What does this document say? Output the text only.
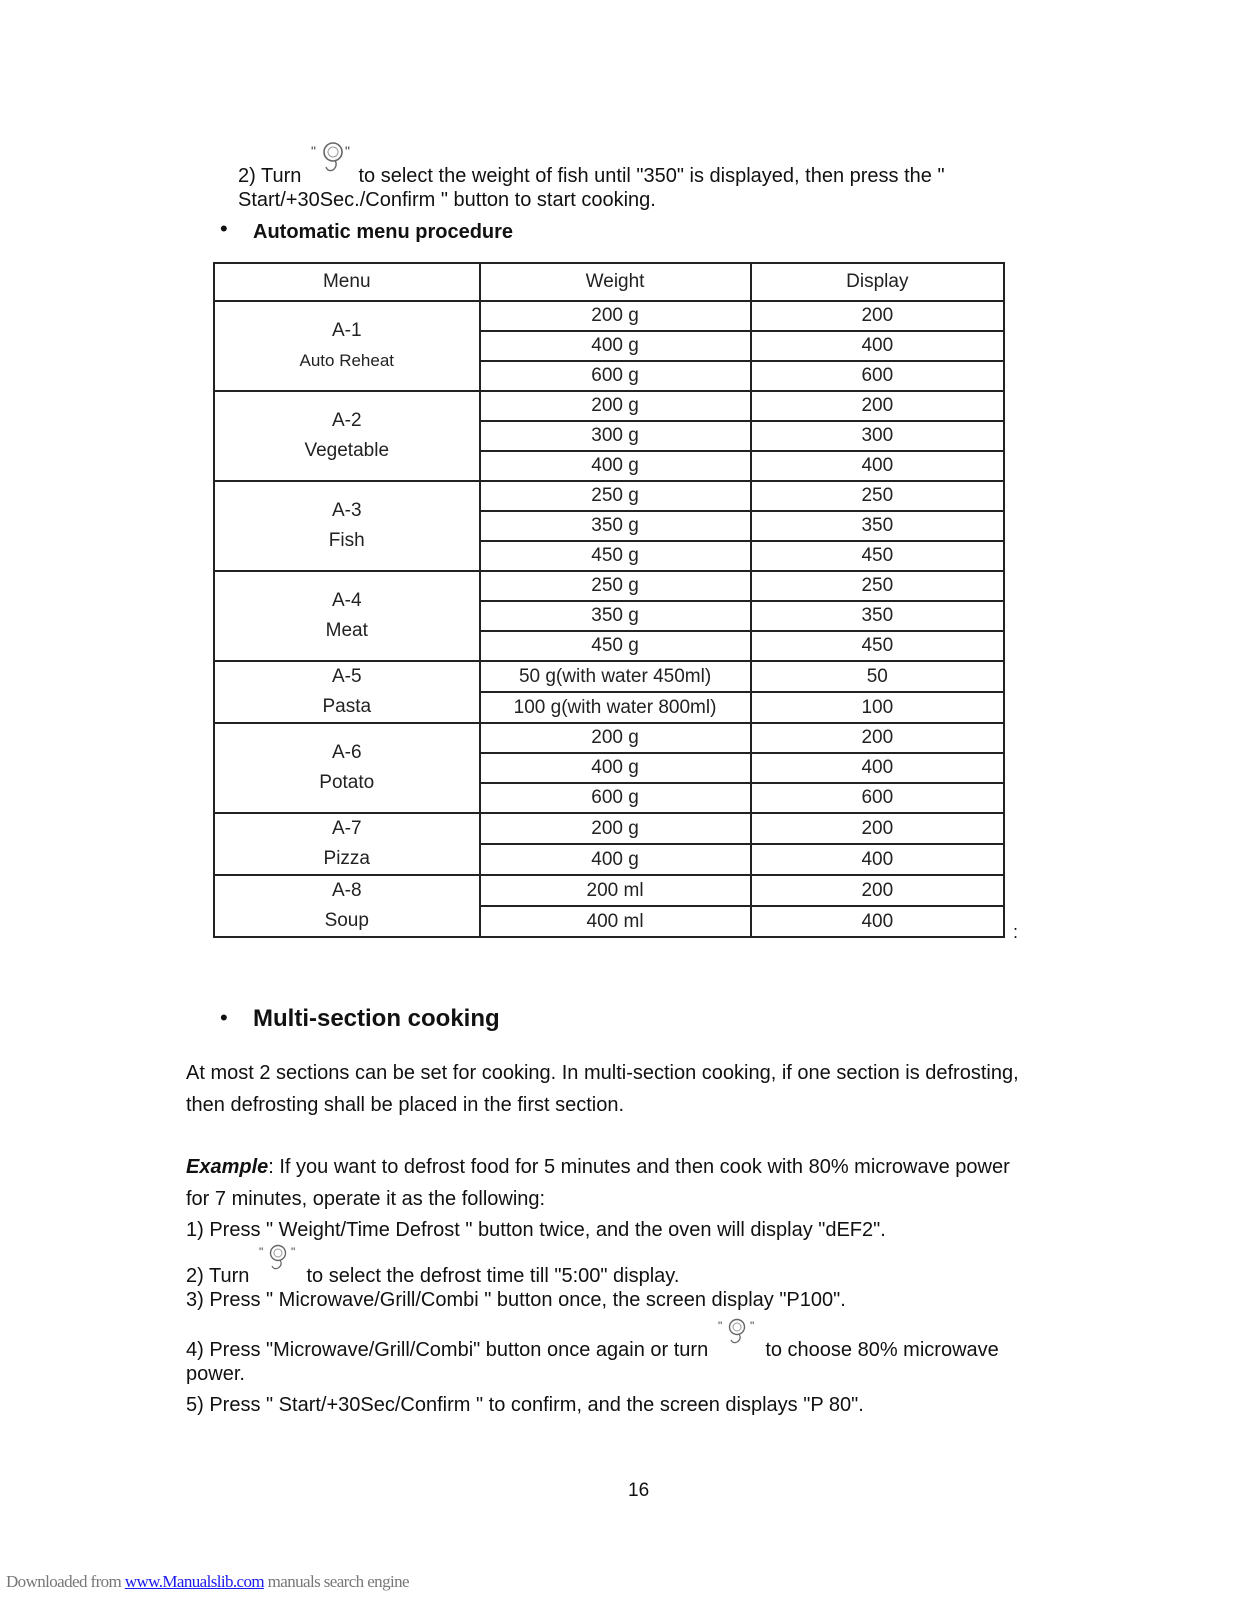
2) Turn
" "
to select the weight of fish until "350" is displayed, then press the "
Start/+30Sec./Confirm " button to start cooking.
• Automatic menu procedure
Menu	Weight	Display

A-1
Auto Reheat	200 g	200
	400 g	400
	600 g	600

A-2
Vegetable	200 g	200
	300 g	300
	400 g	400

A-3
Fish	250 g	250
	350 g	350
	450 g	450

A-4
Meat	250 g	250
	350 g	350
	450 g	450

A-5
Pasta	50 g(with water 450ml)	50
	100 g(with water 800ml)	100

A-6
Potato	200 g	200
	400 g	400
	600 g	600

A-7
Pizza	200 g	200
	400 g	400

A-8
Soup	200 ml	200
	400 ml	400
:
• Multi-section cooking
At most 2 sections can be set for cooking. In multi-section cooking, if one section is defrosting,
then defrosting shall be placed in the first section.
Example: If you want to defrost food for 5 minutes and then cook with 80% microwave power
for 7 minutes, operate it as the following:
1) Press " Weight/Time Defrost " button twice, and the oven will display "dEF2".
2) Turn
" "
to select the defrost time till "5:00" display.
3) Press " Microwave/Grill/Combi " button once, the screen display "P100".
4) Press "Microwave/Grill/Combi" button once again or turn
" "
to choose 80% microwave
power.
5) Press " Start/+30Sec/Confirm " to confirm, and the screen displays "P 80".
16
Downloaded from www.Manualslib.com manuals search engine
